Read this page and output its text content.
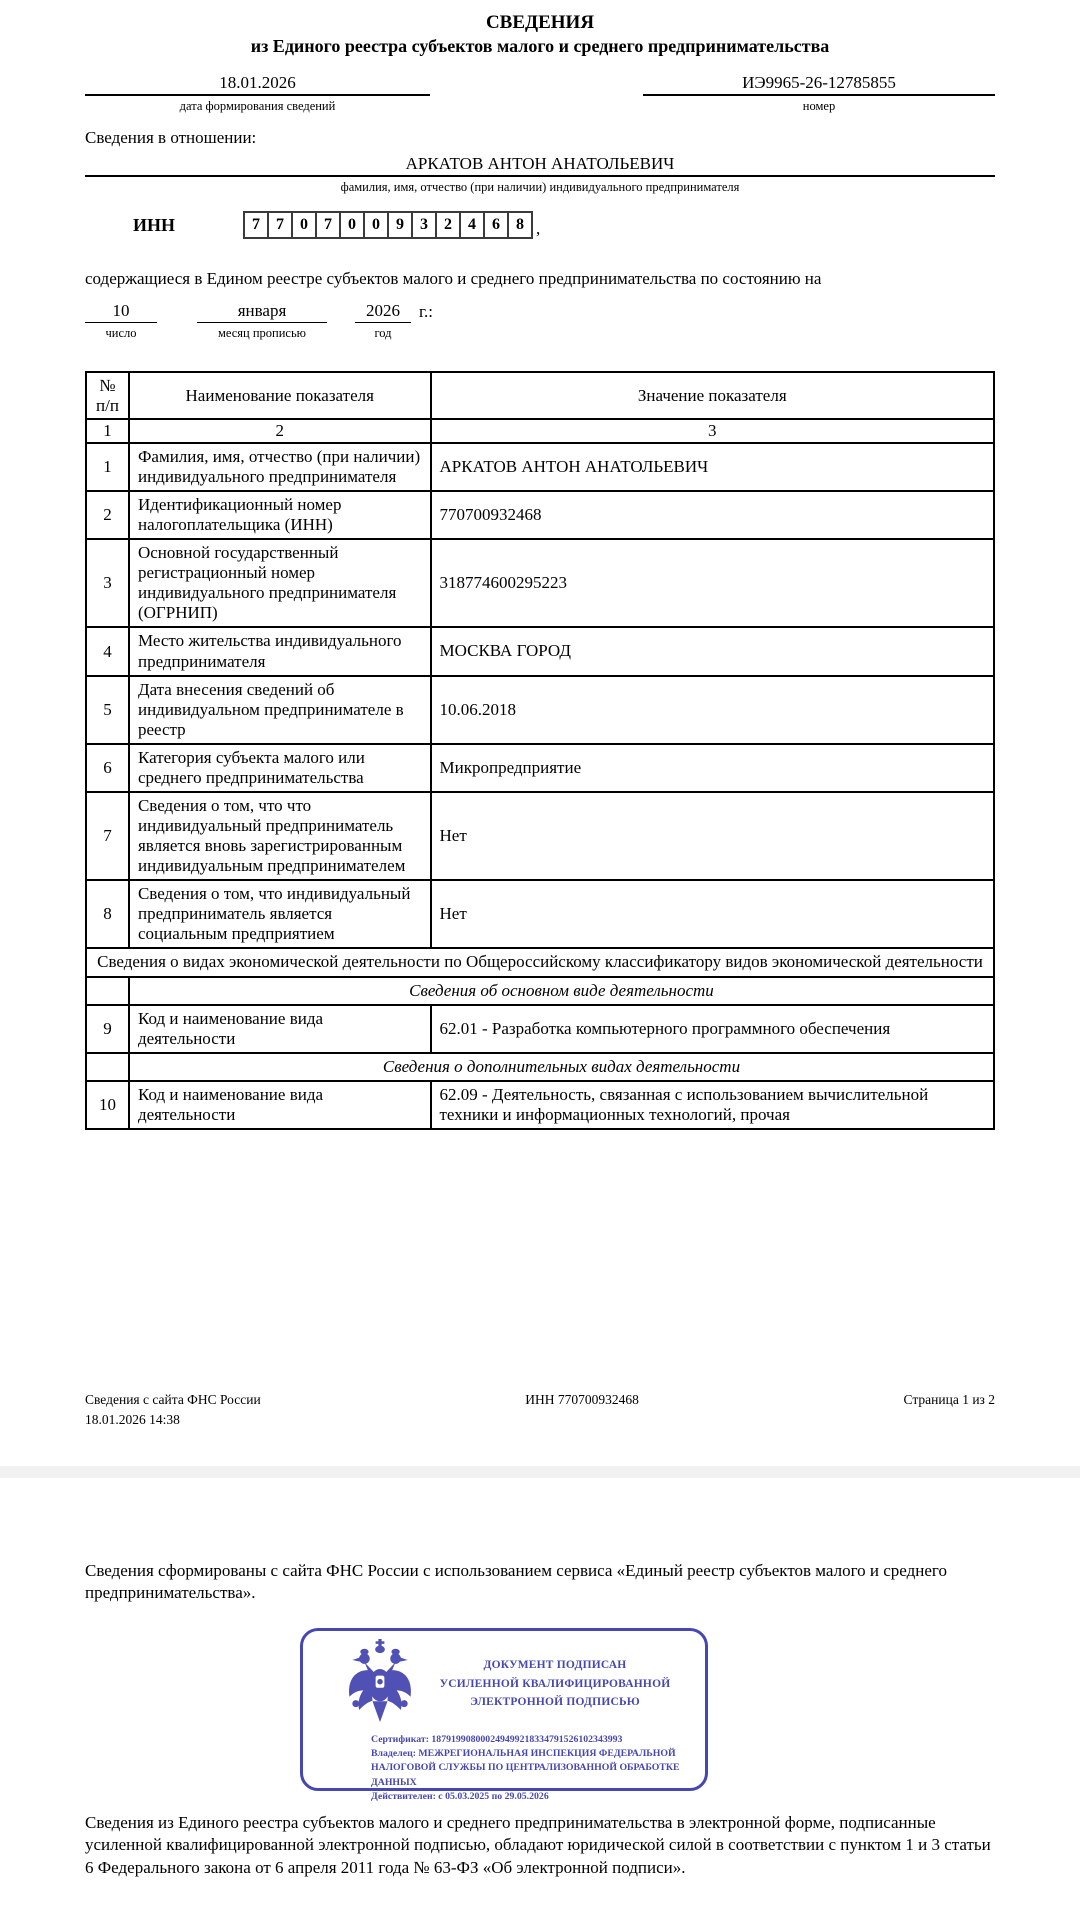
СВЕДЕНИЯ
из Единого реестра субъектов малого и среднего предпринимательства
18.01.2026
дата формирования сведений
ИЭ9965-26-12785855
номер
Сведения в отношении:
АРКАТОВ АНТОН АНАТОЛЬЕВИЧ
фамилия, имя, отчество (при наличии) индивидуального предпринимателя
ИНН	7	7	0	7	0	0	9	3	2	4	6	8 ,
содержащиеся в Едином реестре субъектов малого и среднего предпринимательства по состоянию на
10
число
января
месяц прописью
2026
год
г.:
№
п/п	Наименование показателя	Значение показателя
1	2	3
1	Фамилия, имя, отчество (при наличии) индивидуального предпринимателя	АРКАТОВ АНТОН АНАТОЛЬЕВИЧ
2	Идентификационный номер налогоплательщика (ИНН)	770700932468
3	Основной государственный регистрационный номер индивидуального предпринимателя (ОГРНИП)	318774600295223
4	Место жительства индивидуального предпринимателя	МОСКВА ГОРОД
5	Дата внесения сведений об индивидуальном предпринимателе в реестр	10.06.2018
6	Категория субъекта малого или среднего предпринимательства	Микропредприятие
7	Сведения о том, что что индивидуальный предприниматель является вновь зарегистрированным индивидуальным предпринимателем	Нет
8	Сведения о том, что индивидуальный предприниматель является социальным предприятием	Нет
Сведения о видах экономической деятельности по Общероссийскому классификатору видов экономической деятельности		
	Сведения об основном виде деятельности	
9	Код и наименование вида деятельности	62.01 - Разработка компьютерного программного обеспечения
	Сведения о дополнительных видах деятельности	
10	Код и наименование вида деятельности	62.09 - Деятельность, связанная с использованием вычислительной техники и информационных технологий, прочая
Сведения с сайта ФНС России
18.01.2026 14:38
ИНН 770700932468	Страница 1 из 2
Сведения сформированы с сайта ФНС России с использованием сервиса «Единый реестр субъектов малого и среднего предпринимательства».
ДОКУМЕНТ ПОДПИСАН
УСИЛЕННОЙ КВАЛИФИЦИРОВАННОЙ
ЭЛЕКТРОННОЙ ПОДПИСЬЮ
Сертификат: 187919908000249499218334791526102343993
Владелец: МЕЖРЕГИОНАЛЬНАЯ ИНСПЕКЦИЯ ФЕДЕРАЛЬНОЙ НАЛОГОВОЙ СЛУЖБЫ ПО ЦЕНТРАЛИЗОВАННОЙ ОБРАБОТКЕ ДАННЫХ
Действителен: с 05.03.2025 по 29.05.2026
Сведения из Единого реестра субъектов малого и среднего предпринимательства в электронной форме, подписанные усиленной квалифицированной электронной подписью, обладают юридической силой в соответствии с пунктом 1 и 3 статьи 6 Федерального закона от 6 апреля 2011 года № 63-ФЗ «Об электронной подписи».
